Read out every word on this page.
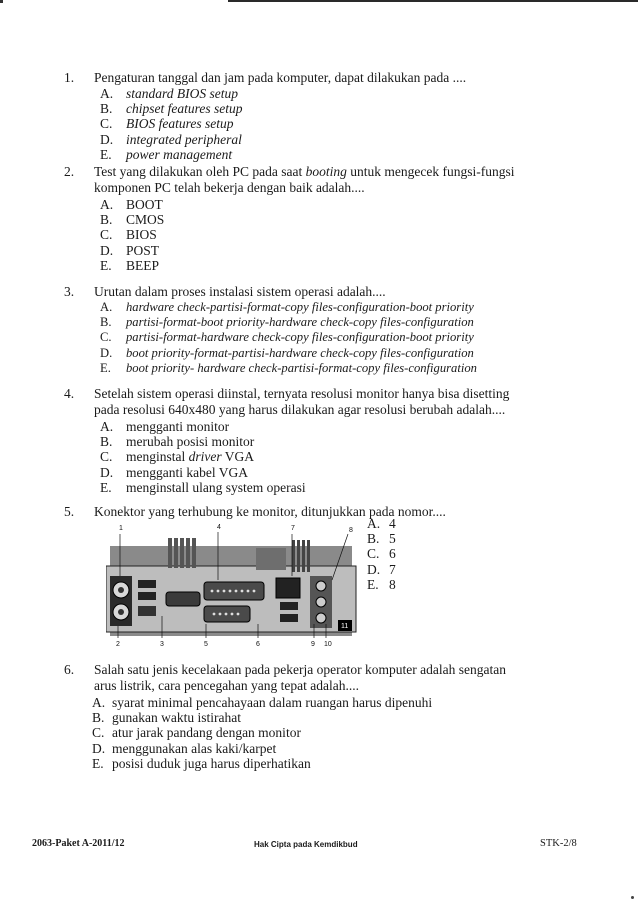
1. Pengaturan tanggal dan jam pada komputer, dapat dilakukan pada ....
A. standard BIOS setup
B. chipset features setup
C. BIOS features setup
D. integrated peripheral
E. power management
2. Test yang dilakukan oleh PC pada saat booting untuk mengecek fungsi-fungsi komponen PC telah bekerja dengan baik adalah....
A. BOOT
B. CMOS
C. BIOS
D. POST
E. BEEP
3. Urutan dalam proses instalasi sistem operasi adalah....
A. hardware check-partisi-format-copy files-configuration-boot priority
B. partisi-format-boot priority-hardware check-copy files-configuration
C. partisi-format-hardware check-copy files-configuration-boot priority
D. boot priority-format-partisi-hardware check-copy files-configuration
E. boot priority- hardware check-partisi-format-copy files-configuration
4. Setelah sistem operasi diinstal, ternyata resolusi monitor hanya bisa disetting pada resolusi 640x480 yang harus dilakukan agar resolusi berubah adalah....
A. mengganti monitor
B. merubah posisi monitor
C. menginstal driver VGA
D. mengganti kabel VGA
E. menginstall ulang system operasi
5. Konektor yang terhubung ke monitor, ditunjukkan pada nomor....
A. 4
B. 5
C. 6
D. 7
E. 8
1	4	7	8
2	3	5	6	9 10
11
6. Salah satu jenis kecelakaan pada pekerja operator komputer adalah sengatan arus listrik, cara pencegahan yang tepat adalah....
A. syarat minimal pencahayaan dalam ruangan harus dipenuhi
B. gunakan waktu istirahat
C. atur jarak pandang dengan monitor
D. menggunakan alas kaki/karpet
E. posisi duduk juga harus diperhatikan
2063-Paket A-2011/12	Hak Cipta pada Kemdikbud	STK-2/8
